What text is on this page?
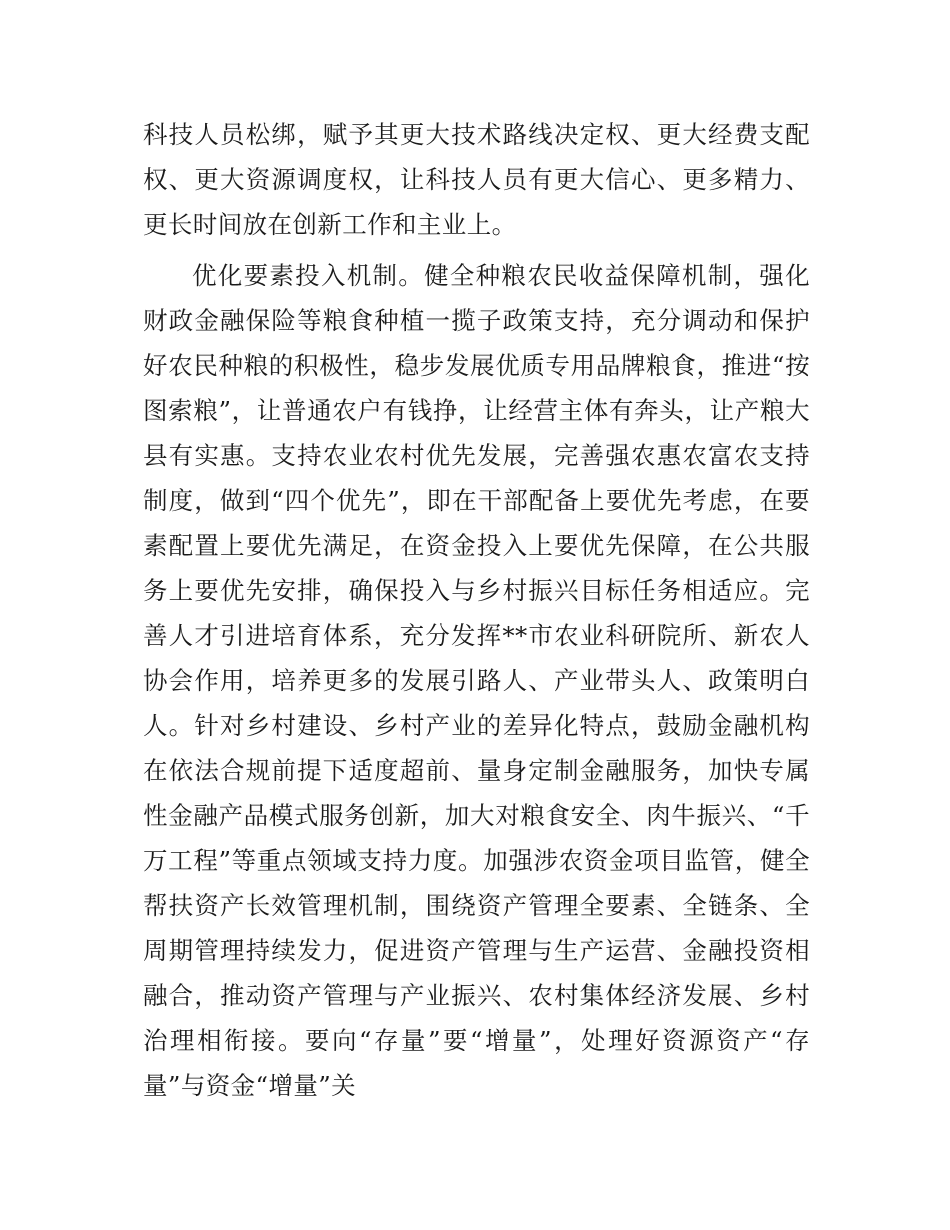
科技人员松绑，赋予其更大技术路线决定权、更大经费支配权、更大资源调度权，让科技人员有更大信心、更多精力、更长时间放在创新工作和主业上。

优化要素投入机制。健全种粮农民收益保障机制，强化财政金融保险等粮食种植一揽子政策支持，充分调动和保护好农民种粮的积极性，稳步发展优质专用品牌粮食，推进“按图索粮”，让普通农户有钱挣，让经营主体有奔头，让产粮大县有实惠。支持农业农村优先发展，完善强农惠农富农支持制度，做到“四个优先”，即在干部配备上要优先考虑，在要素配置上要优先满足，在资金投入上要优先保障，在公共服务上要优先安排，确保投入与乡村振兴目标任务相适应。完善人才引进培育体系，充分发挥**市农业科研院所、新农人协会作用，培养更多的发展引路人、产业带头人、政策明白人。针对乡村建设、乡村产业的差异化特点，鼓励金融机构在依法合规前提下适度超前、量身定制金融服务，加快专属性金融产品模式服务创新，加大对粮食安全、肉牛振兴、“千万工程”等重点领域支持力度。加强涉农资金项目监管，健全帮扶资产长效管理机制，围绕资产管理全要素、全链条、全周期管理持续发力，促进资产管理与生产运营、金融投资相融合，推动资产管理与产业振兴、农村集体经济发展、乡村治理相衔接。要向“存量”要“增量”，处理好资源资产“存量”与资金“增量”关
